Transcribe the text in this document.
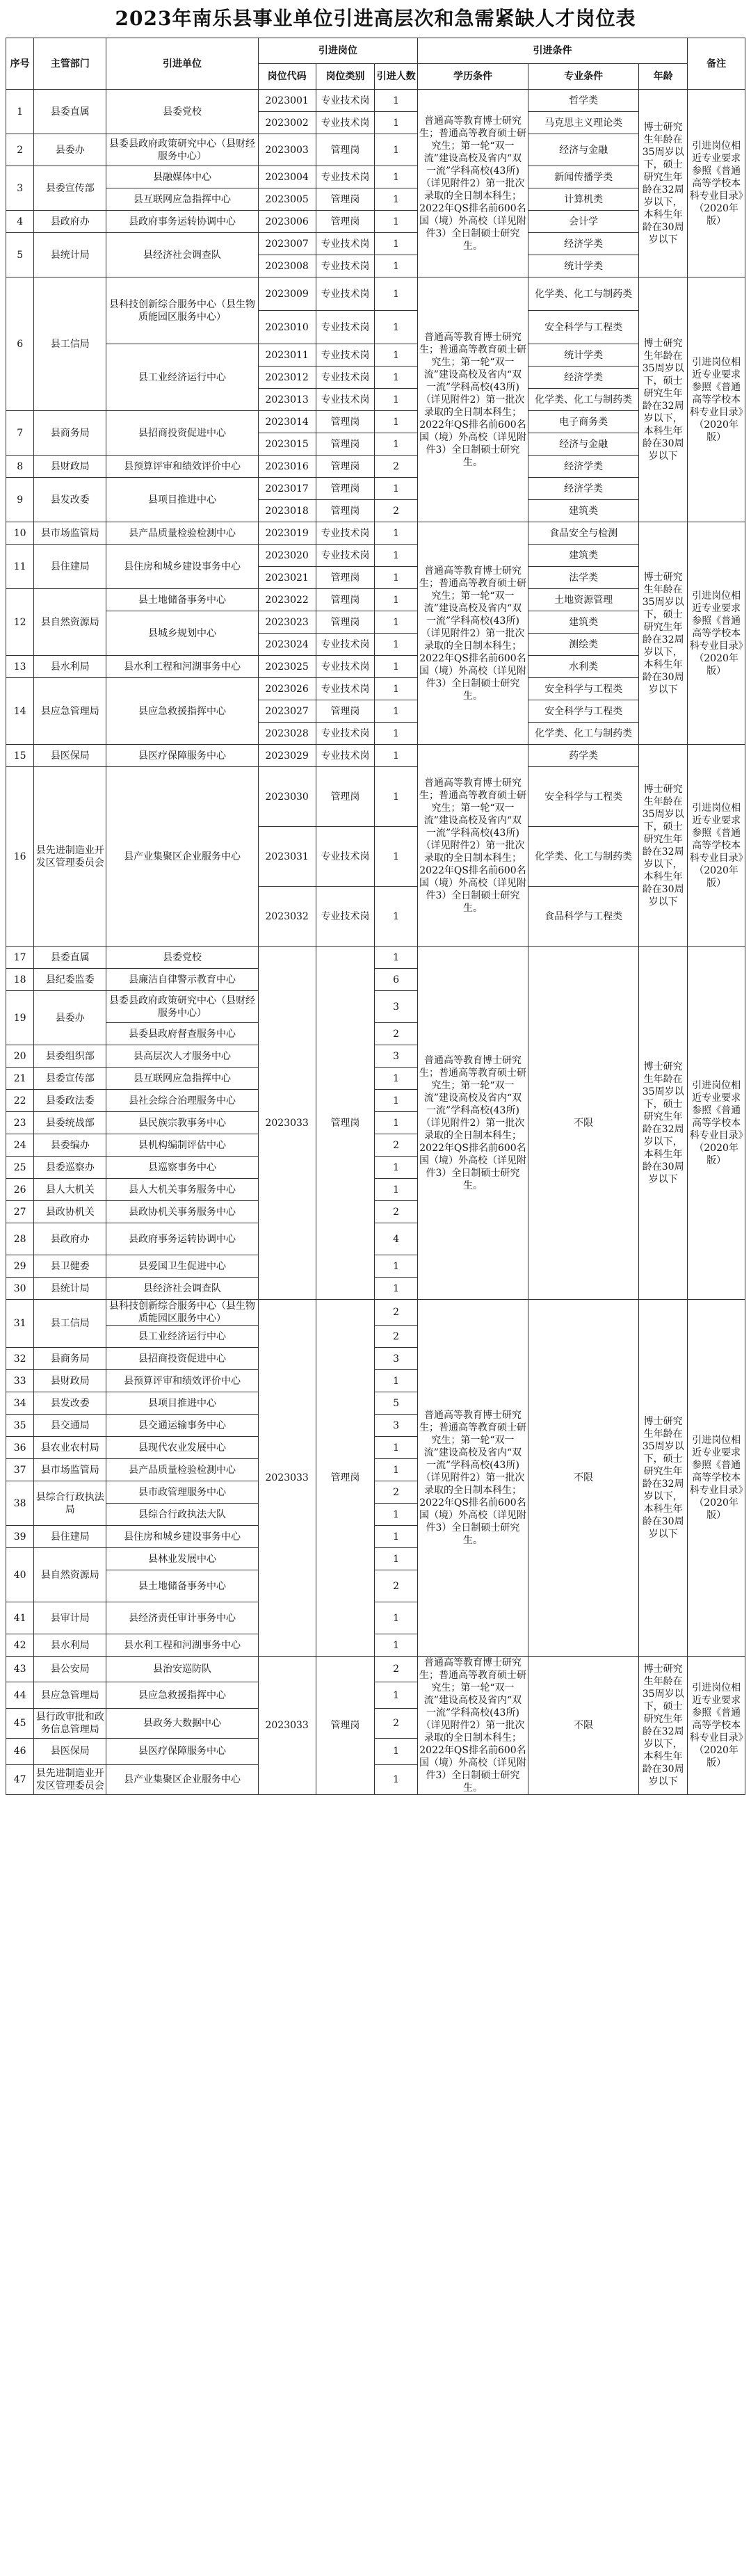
2023年南乐县事业单位引进高层次和急需紧缺人才岗位表
序号	主管部门	引进单位	引进岗位			引进条件			备注
			岗位代码	岗位类别	引进人数	学历条件	专业条件	年龄	
1	县委直属	县委党校	2023001	专业技术岗	1	普通高等教育博士研究生；普通高等教育硕士研究生；第一轮“双一流”建设高校及省内“双一流”学科高校(43所)（详见附件2）第一批次录取的全日制本科生；2022年QS排名前600名国（境）外高校（详见附件3）全日制硕士研究生。	哲学类	博士研究生年龄在35周岁以下，硕士研究生年龄在32周岁以下，本科生年龄在30周岁以下	引进岗位相近专业要求参照《普通高等学校本科专业目录》（2020年版）
			2023002	专业技术岗	1		马克思主义理论类		
2	县委办	县委县政府政策研究中心（县财经服务中心）	2023003	管理岗	1		经济与金融		
3	县委宣传部	县融媒体中心	2023004	专业技术岗	1		新闻传播学类		
		县互联网应急指挥中心	2023005	管理岗	1		计算机类		
4	县政府办	县政府事务运转协调中心	2023006	管理岗	1		会计学		
5	县统计局	县经济社会调查队	2023007	专业技术岗	1		经济学类		
			2023008	专业技术岗	1		统计学类		
6	县工信局	县科技创新综合服务中心（县生物质能园区服务中心）	2023009	专业技术岗	1	普通高等教育博士研究生；普通高等教育硕士研究生；第一轮“双一流”建设高校及省内“双一流”学科高校(43所)（详见附件2）第一批次录取的全日制本科生；2022年QS排名前600名国（境）外高校（详见附件3）全日制硕士研究生。	化学类、化工与制药类	博士研究生年龄在35周岁以下，硕士研究生年龄在32周岁以下，本科生年龄在30周岁以下	引进岗位相近专业要求参照《普通高等学校本科专业目录》（2020年版）
			2023010	专业技术岗	1		安全科学与工程类		
		县工业经济运行中心	2023011	专业技术岗	1		统计学类		
			2023012	专业技术岗	1		经济学类		
			2023013	专业技术岗	1		化学类、化工与制药类		
7	县商务局	县招商投资促进中心	2023014	管理岗	1		电子商务类		
			2023015	管理岗	1		经济与金融		
8	县财政局	县预算评审和绩效评价中心	2023016	管理岗	2		经济学类		
9	县发改委	县项目推进中心	2023017	管理岗	1		经济学类		
			2023018	管理岗	2		建筑类		
10	县市场监管局	县产品质量检验检测中心	2023019	专业技术岗	1	普通高等教育博士研究生；普通高等教育硕士研究生；第一轮“双一流”建设高校及省内“双一流”学科高校(43所)（详见附件2）第一批次录取的全日制本科生；2022年QS排名前600名国（境）外高校（详见附件3）全日制硕士研究生。	食品安全与检测	博士研究生年龄在35周岁以下，硕士研究生年龄在32周岁以下，本科生年龄在30周岁以下	引进岗位相近专业要求参照《普通高等学校本科专业目录》（2020年版）
11	县住建局	县住房和城乡建设事务中心	2023020	专业技术岗	1		建筑类		
			2023021	管理岗	1		法学类		
12	县自然资源局	县土地储备事务中心	2023022	管理岗	1		土地资源管理		
		县城乡规划中心	2023023	管理岗	1		建筑类		
			2023024	专业技术岗	1		测绘类		
13	县水利局	县水利工程和河湖事务中心	2023025	专业技术岗	1		水利类		
14	县应急管理局	县应急救援指挥中心	2023026	专业技术岗	1		安全科学与工程类		
			2023027	管理岗	1		安全科学与工程类		
			2023028	专业技术岗	1		化学类、化工与制药类		
15	县医保局	县医疗保障服务中心	2023029	专业技术岗	1	普通高等教育博士研究生；普通高等教育硕士研究生；第一轮“双一流”建设高校及省内“双一流”学科高校(43所)（详见附件2）第一批次录取的全日制本科生；2022年QS排名前600名国（境）外高校（详见附件3）全日制硕士研究生。	药学类	博士研究生年龄在35周岁以下，硕士研究生年龄在32周岁以下，本科生年龄在30周岁以下	引进岗位相近专业要求参照《普通高等学校本科专业目录》（2020年版）
16	县先进制造业开发区管理委员会	县产业集聚区企业服务中心	2023030	管理岗	1		安全科学与工程类		
			2023031	专业技术岗	1		化学类、化工与制药类		
			2023032	专业技术岗	1		食品科学与工程类		
17	县委直属	县委党校	2023033	管理岗	1	普通高等教育博士研究生；普通高等教育硕士研究生；第一轮“双一流”建设高校及省内“双一流”学科高校(43所)（详见附件2）第一批次录取的全日制本科生；2022年QS排名前600名国（境）外高校（详见附件3）全日制硕士研究生。	不限	博士研究生年龄在35周岁以下，硕士研究生年龄在32周岁以下，本科生年龄在30周岁以下	引进岗位相近专业要求参照《普通高等学校本科专业目录》（2020年版）
18	县纪委监委	县廉洁自律警示教育中心			6				
19	县委办	县委县政府政策研究中心（县财经服务中心）			3				
		县委县政府督查服务中心			2				
20	县委组织部	县高层次人才服务中心			3				
21	县委宣传部	县互联网应急指挥中心			1				
22	县委政法委	县社会综合治理服务中心			1				
23	县委统战部	县民族宗教事务中心			1				
24	县委编办	县机构编制评估中心			2				
25	县委巡察办	县巡察事务中心			1				
26	县人大机关	县人大机关事务服务中心			1				
27	县政协机关	县政协机关事务服务中心			2				
28	县政府办	县政府事务运转协调中心			4				
29	县卫健委	县爱国卫生促进中心			1				
30	县统计局	县经济社会调查队			1				
31	县工信局	县科技创新综合服务中心（县生物质能园区服务中心）	2023033	管理岗	2	普通高等教育博士研究生；普通高等教育硕士研究生；第一轮“双一流”建设高校及省内“双一流”学科高校(43所)（详见附件2）第一批次录取的全日制本科生；2022年QS排名前600名国（境）外高校（详见附件3）全日制硕士研究生。	不限	博士研究生年龄在35周岁以下，硕士研究生年龄在32周岁以下，本科生年龄在30周岁以下	引进岗位相近专业要求参照《普通高等学校本科专业目录》（2020年版）
		县工业经济运行中心			2				
32	县商务局	县招商投资促进中心			3				
33	县财政局	县预算评审和绩效评价中心			1				
34	县发改委	县项目推进中心			5				
35	县交通局	县交通运输事务中心			3				
36	县农业农村局	县现代农业发展中心			1				
37	县市场监管局	县产品质量检验检测中心			1				
38	县综合行政执法局	县市政管理服务中心			2				
		县综合行政执法大队			1				
39	县住建局	县住房和城乡建设事务中心			1				
40	县自然资源局	县林业发展中心			1				
		县土地储备事务中心			2				
41	县审计局	县经济责任审计事务中心			1				
42	县水利局	县水利工程和河湖事务中心			1				
43	县公安局	县治安巡防队	2023033	管理岗	2	普通高等教育博士研究生；普通高等教育硕士研究生；第一轮“双一流”建设高校及省内“双一流”学科高校(43所)（详见附件2）第一批次录取的全日制本科生；2022年QS排名前600名国（境）外高校（详见附件3）全日制硕士研究生。	不限	博士研究生年龄在35周岁以下，硕士研究生年龄在32周岁以下，本科生年龄在30周岁以下	引进岗位相近专业要求参照《普通高等学校本科专业目录》（2020年版）
44	县应急管理局	县应急救援指挥中心			1				
45	县行政审批和政务信息管理局	县政务大数据中心			2				
46	县医保局	县医疗保障服务中心			1				
47	县先进制造业开发区管理委员会	县产业集聚区企业服务中心			1				
